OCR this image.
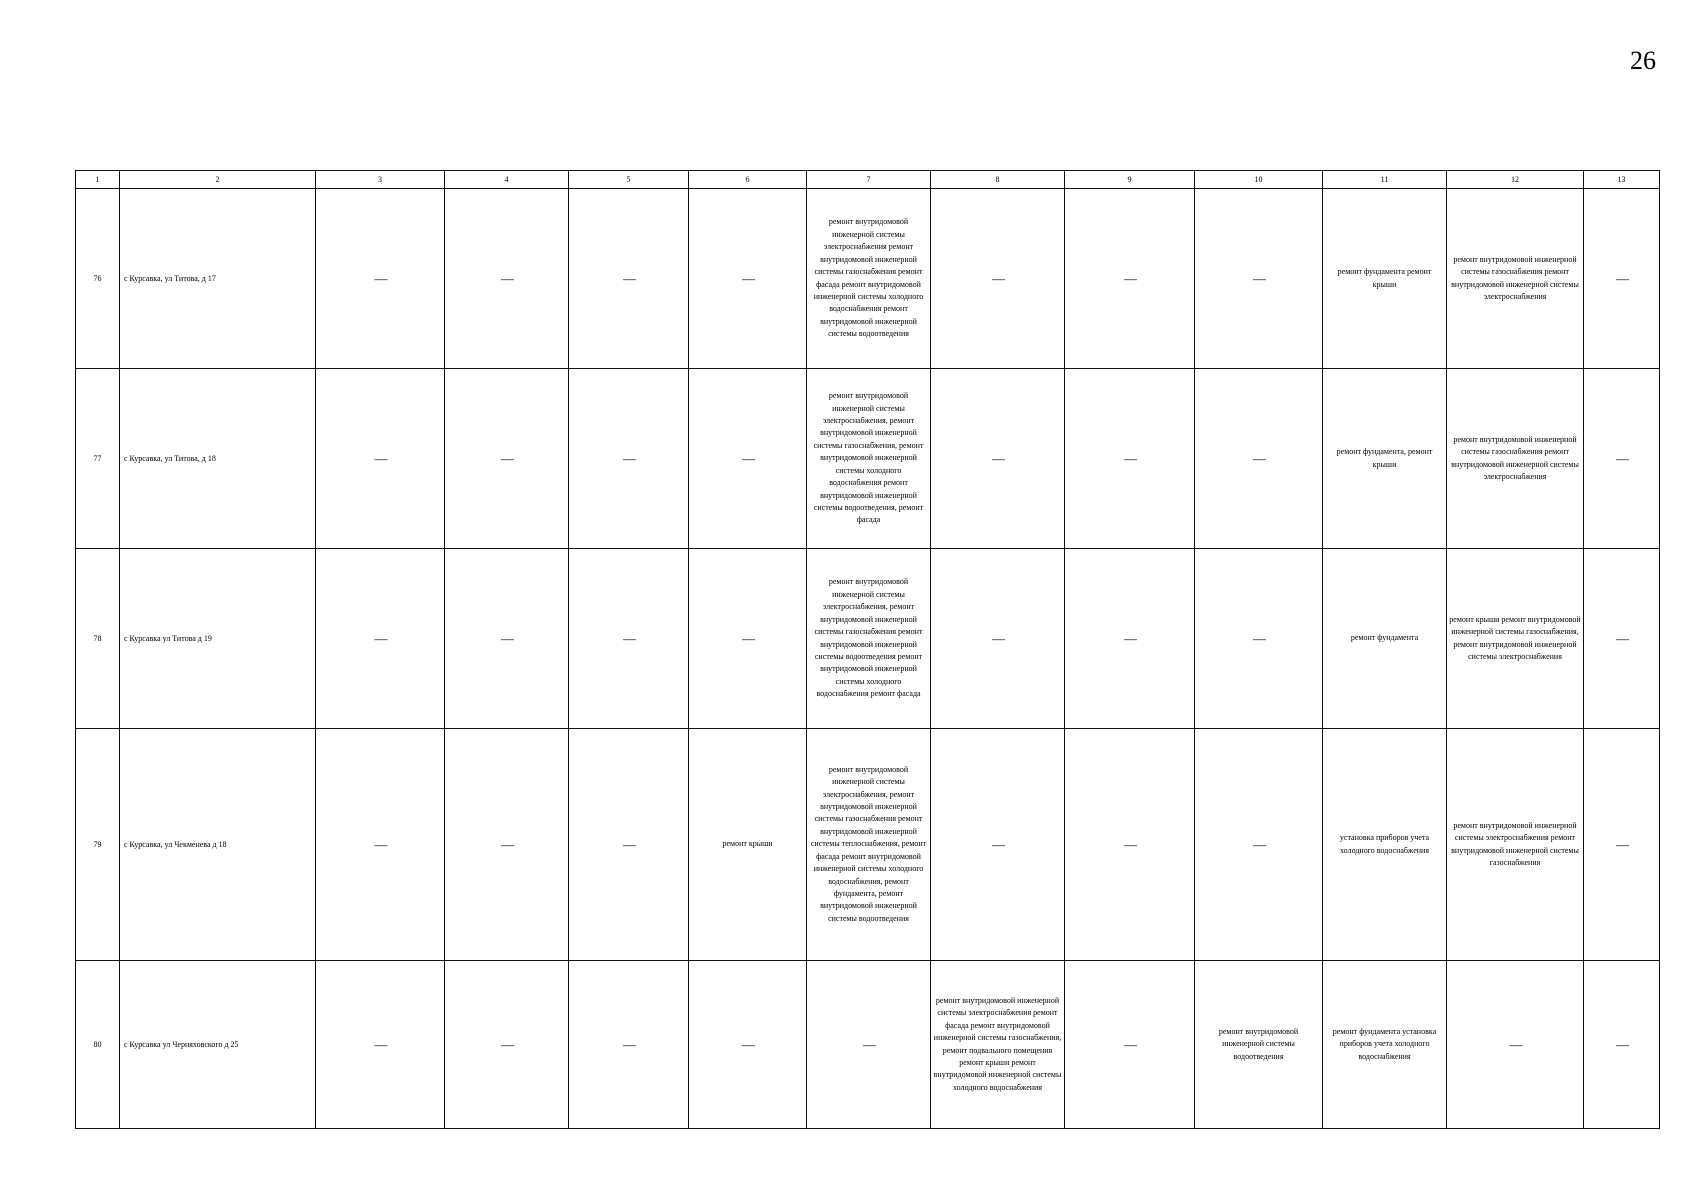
26
1	2	3	4	5	6	7	8	9	10	11	12	13
76	с Курсавка, ул Титова, д 17	—	—	—	—	ремонт внутридомовой инженерной системы электроснабжения ремонт внутридомовой инженерной системы газоснабжения ремонт фасада ремонт внутридомовой инженерной системы холодного водоснабжения ремонт внутридомовой инженерной системы водоотведения	—	—	—	ремонт фундамента ремонт крыши	ремонт внутридомовой инженерной системы газоснабжения ремонт внутридомовой инженерной системы электроснабжения	—
77	с Курсавка, ул Титова, д 18	—	—	—	—	ремонт внутридомовой инженерной системы электроснабжения, ремонт внутридомовой инженерной системы газоснабжения, ремонт внутридомовой инженерной системы холодного водоснабжения ремонт внутридомовой инженерной системы водоотведения, ремонт фасада	—	—	—	ремонт фундамента, ремонт крыши	ремонт внутридомовой инженерной системы газоснабжения ремонт внутридомовой инженерной системы электроснабжения	—
78	с Курсавка ул Титова д 19	—	—	—	—	ремонт внутридомовой инженерной системы электроснабжения, ремонт внутридомовой инженерной системы газоснабжения ремонт внутридомовой инженерной системы водоотведения ремонт внутридомовой инженерной системы холодного водоснабжения ремонт фасада	—	—	—	ремонт фундамента	ремонт крыши ремонт внутридомовой инженерной системы газоснабжения, ремонт внутридомовой инженерной системы электроснабжения	—
79	с Курсавка, ул Чекменева д 18	—	—	—	ремонт крыши	ремонт внутридомовой инженерной системы электроснабжения, ремонт внутридомовой инженерной системы газоснабжения ремонт внутридомовой инженерной системы теплоснабжения, ремонт фасада ремонт внутридомовой инженерной системы холодного водоснабжения, ремонт фундамента, ремонт внутридомовой инженерной системы водоотведения	—	—	—	установка приборов учета холодного водоснабжения	ремонт внутридомовой инженерной системы электроснабжения ремонт внутридомовой инженерной системы газоснабжения	—
80	с Курсавка ул Черняховского д 25	—	—	—	—	—	ремонт внутридомовой инженерной системы электроснабжения ремонт фасада ремонт внутридомовой инженерной системы газоснабжения, ремонт подвального помещения ремонт крыши ремонт внутридомовой инженерной системы холодного водоснабжения	—	ремонт внутридомовой инженерной системы водоотведения	ремонт фундамента установка приборов учета холодного водоснабжения	—	—
